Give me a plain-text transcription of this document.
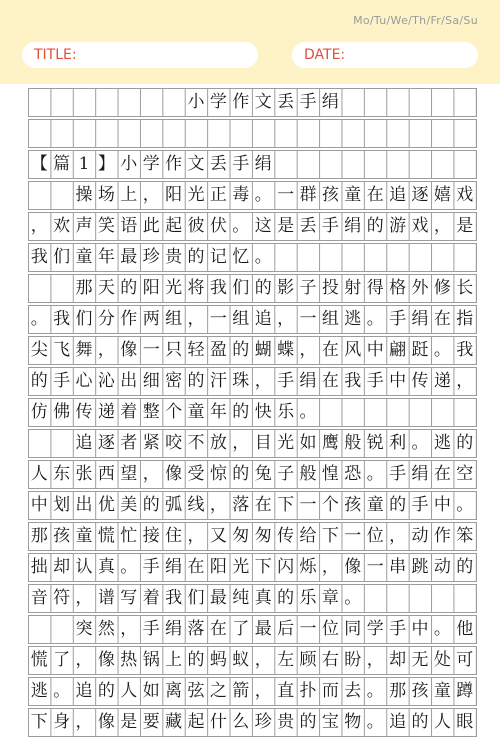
Mo/Tu/We/Th/Fr/Sa/Su
TITLE:	DATE:
小 学 作 文 丢 手 绢
【 篇 1 】 小 学 作 文 丢 手 绢
操 场 上 ， 阳 光 正 毒 。 一 群 孩 童 在 追 逐 嬉 戏
， 欢 声 笑 语 此 起 彼 伏 。 这 是 丢 手 绢 的 游 戏 ， 是
我 们 童 年 最 珍 贵 的 记 忆 。
那 天 的 阳 光 将 我 们 的 影 子 投 射 得 格 外 修 长
。 我 们 分 作 两 组 ， 一 组 追 ， 一 组 逃 。 手 绢 在 指
尖 飞 舞 ， 像 一 只 轻 盈 的 蝴 蝶 ， 在 风 中 翩 跹 。 我
的 手 心 沁 出 细 密 的 汗 珠 ， 手 绢 在 我 手 中 传 递 ，
仿 佛 传 递 着 整 个 童 年 的 快 乐 。
追 逐 者 紧 咬 不 放 ， 目 光 如 鹰 般 锐 利 。 逃 的
人 东 张 西 望 ， 像 受 惊 的 兔 子 般 惶 恐 。 手 绢 在 空
中 划 出 优 美 的 弧 线 ， 落 在 下 一 个 孩 童 的 手 中 。
那 孩 童 慌 忙 接 住 ， 又 匆 匆 传 给 下 一 位 ， 动 作 笨
拙 却 认 真 。 手 绢 在 阳 光 下 闪 烁 ， 像 一 串 跳 动 的
音 符 ， 谱 写 着 我 们 最 纯 真 的 乐 章 。
突 然 ， 手 绢 落 在 了 最 后 一 位 同 学 手 中 。 他
慌 了 ， 像 热 锅 上 的 蚂 蚁 ， 左 顾 右 盼 ， 却 无 处 可
逃 。 追 的 人 如 离 弦 之 箭 ， 直 扑 而 去 。 那 孩 童 蹲
下 身 ， 像 是 要 藏 起 什 么 珍 贵 的 宝 物 。 追 的 人 眼
